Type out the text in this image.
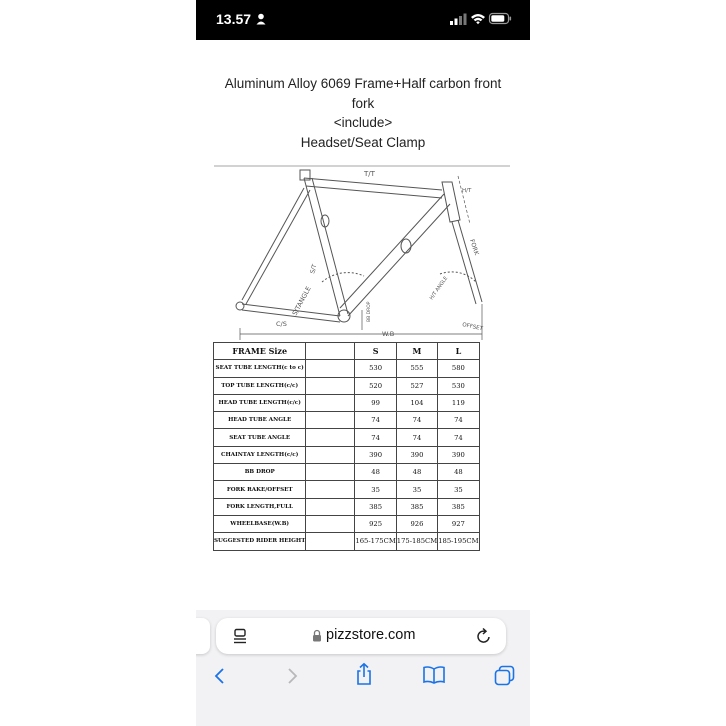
13.57
Aluminum Alloy 6069 Frame+Half carbon front
fork
<include>
Headset/Seat Clamp
T/T
H/T
FORK
S/T
S/TANGLE	H/T ANGLE
C/S
W.B
BB DROP
OFFSET
FRAME Size		S	M	L
SEAT TUBE LENGTH(c to c)		530	555	580
TOP TUBE LENGTH(c/c)		520	527	530
HEAD TUBE LENGTH(c/c)		99	104	119
HEAD TUBE ANGLE		74	74	74
SEAT TUBE ANGLE		74	74	74
CHAINTAY LENGTH(c/c)		390	390	390
BB DROP		48	48	48
FORK RAKE/OFFSET		35	35	35
FORK LENGTH,FULL		385	385	385
WHEELBASE(W.B)		925	926	927
SUGGESTED RIDER HEIGHT		165-175CM	175-185CM	185-195CM
pizzstore.com
